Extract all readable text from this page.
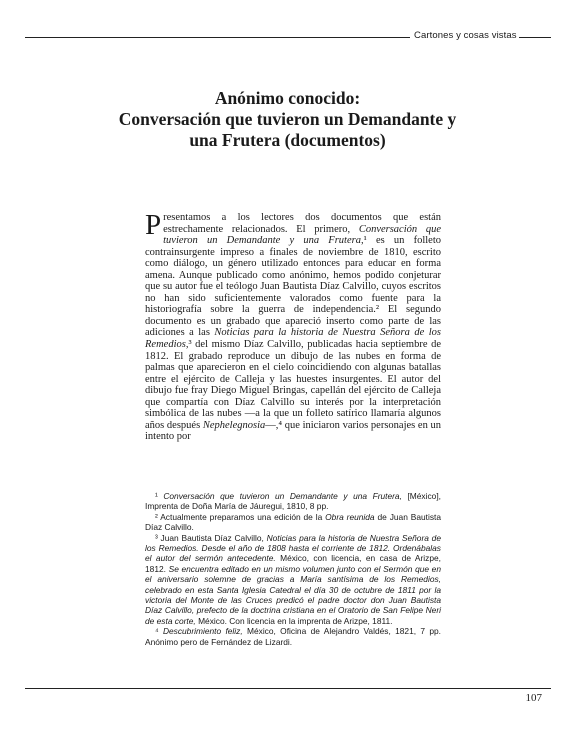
Cartones y cosas vistas
Anónimo conocido:
Conversación que tuvieron un Demandante y
una Frutera (documentos)

Presentamos a los lectores dos documentos que están estrechamente relacionados. El primero, Conversación que tuvieron un Demandante y una Frutera,¹ es un folleto contrainsurgente impreso a finales de noviembre de 1810, escrito como diálogo, un género utilizado entonces para educar en forma amena. Aunque publicado como anónimo, hemos podido conjeturar que su autor fue el teólogo Juan Bautista Díaz Calvillo, cuyos escritos no han sido suficientemente valorados como fuente para la historiografía sobre la guerra de independencia.² El segundo documento es un grabado que apareció inserto como parte de las adiciones a las Noticias para la historia de Nuestra Señora de los Remedios,³ del mismo Díaz Calvillo, publicadas hacia septiembre de 1812. El grabado reproduce un dibujo de las nubes en forma de palmas que aparecieron en el cielo coincidiendo con algunas batallas entre el ejército de Calleja y las huestes insurgentes. El autor del dibujo fue fray Diego Miguel Bringas, capellán del ejército de Calleja que compartía con Díaz Calvillo su interés por la interpretación simbólica de las nubes —a la que un folleto satírico llamaría algunos años después Nephelegnosia—,⁴ que iniciaron varios personajes en un intento por

¹ Conversación que tuvieron un Demandante y una Frutera, [México], Imprenta de Doña María de Jáuregui, 1810, 8 pp.

² Actualmente preparamos una edición de la Obra reunida de Juan Bautista Díaz Calvillo.

³ Juan Bautista Díaz Calvillo, Noticias para la historia de Nuestra Señora de los Remedios. Desde el año de 1808 hasta el corriente de 1812. Ordenábalas el autor del sermón antecedente. México, con licencia, en casa de Arizpe, 1812. Se encuentra editado en un mismo volumen junto con el Sermón que en el aniversario solemne de gracias a María santísima de los Remedios, celebrado en esta Santa Iglesia Catedral el día 30 de octubre de 1811 por la victoria del Monte de las Cruces predicó el padre doctor don Juan Bautista Díaz Calvillo, prefecto de la doctrina cristiana en el Oratorio de San Felipe Neri de esta corte, México. Con licencia en la imprenta de Arizpe, 1811.

⁴ Descubrimiento feliz, México, Oficina de Alejandro Valdés, 1821, 7 pp. Anónimo pero de Fernández de Lizardi.

107
